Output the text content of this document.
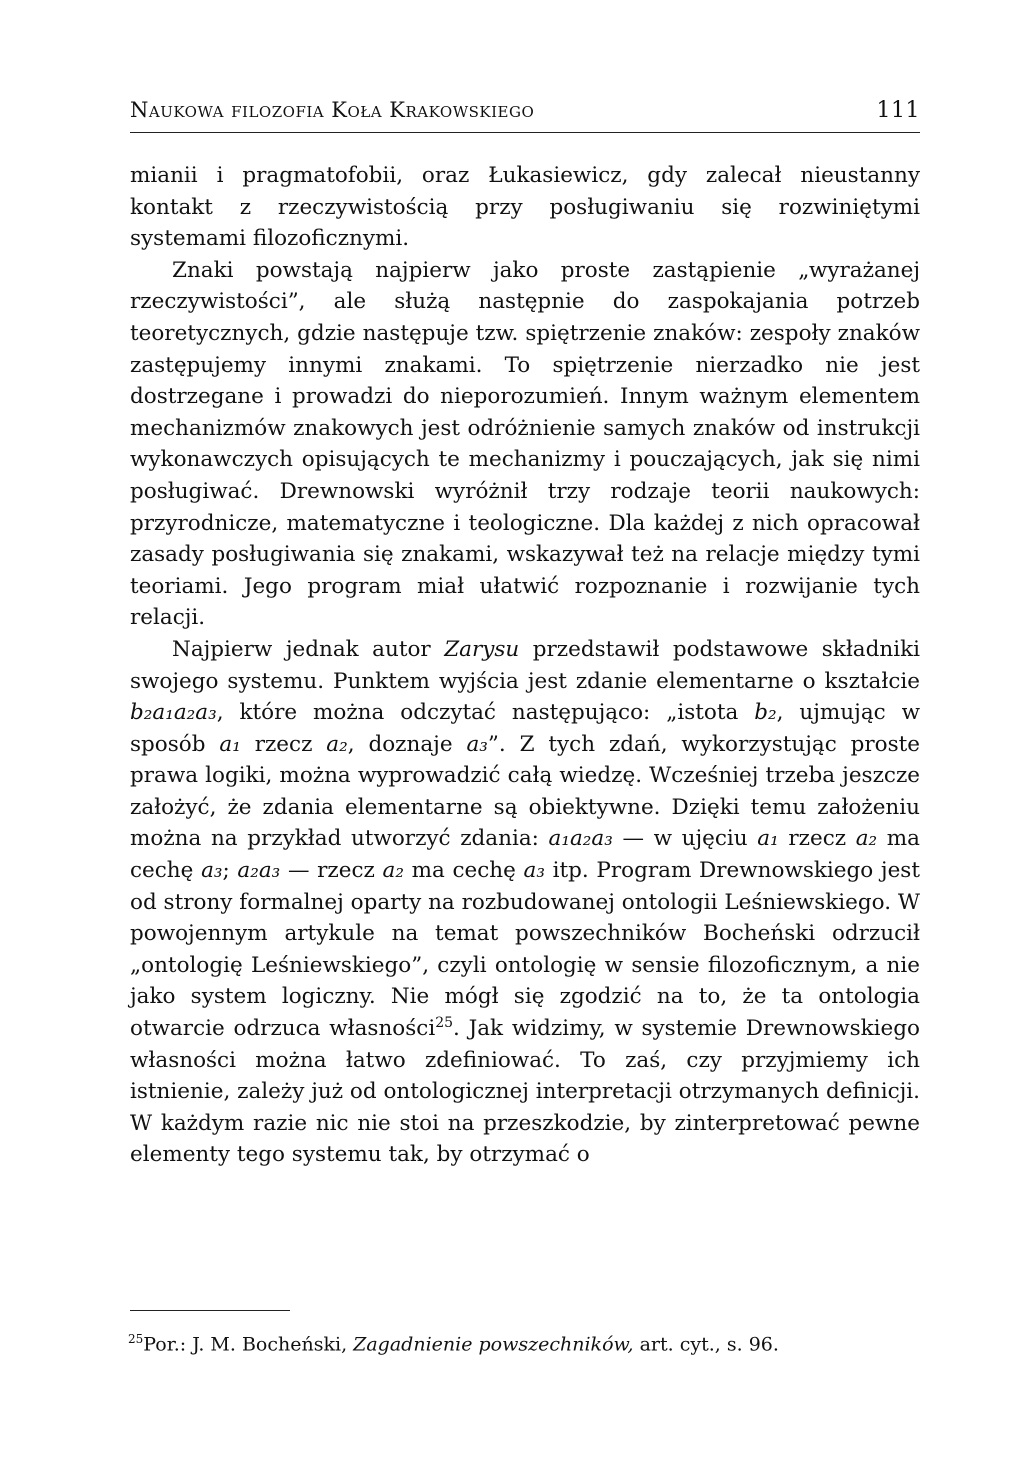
Naukowa filozofia Koła Krakowskiego	111

mianii i pragmatofobii, oraz Łukasiewicz, gdy zalecał nieustanny kontakt z rzeczywistością przy posługiwaniu się rozwiniętymi systemami filozoficznymi.

Znaki powstają najpierw jako proste zastąpienie „wyrażanej rzeczywistości”, ale służą następnie do zaspokajania potrzeb teoretycznych, gdzie następuje tzw. spiętrzenie znaków: zespoły znaków zastępujemy innymi znakami. To spiętrzenie nierzadko nie jest dostrzegane i prowadzi do nieporozumień. Innym ważnym elementem mechanizmów znakowych jest odróżnienie samych znaków od instrukcji wykonawczych opisujących te mechanizmy i pouczających, jak się nimi posługiwać. Drewnowski wyróżnił trzy rodzaje teorii naukowych: przyrodnicze, matematyczne i teologiczne. Dla każdej z nich opracował zasady posługiwania się znakami, wskazywał też na relacje między tymi teoriami. Jego program miał ułatwić rozpoznanie i rozwijanie tych relacji.

Najpierw jednak autor Zarysu przedstawił podstawowe składniki swojego systemu. Punktem wyjścia jest zdanie elementarne o kształcie b₂a₁a₂a₃, które można odczytać następująco: „istota b₂, ujmując w sposób a₁ rzecz a₂, doznaje a₃”. Z tych zdań, wykorzystując proste prawa logiki, można wyprowadzić całą wiedzę. Wcześniej trzeba jeszcze założyć, że zdania elementarne są obiektywne. Dzięki temu założeniu można na przykład utworzyć zdania: a₁a₂a₃ — w ujęciu a₁ rzecz a₂ ma cechę a₃; a₂a₃ — rzecz a₂ ma cechę a₃ itp. Program Drewnowskiego jest od strony formalnej oparty na rozbudowanej ontologii Leśniewskiego. W powojennym artykule na temat powszechników Bocheński odrzucił „ontologię Leśniewskiego”, czyli ontologię w sensie filozoficznym, a nie jako system logiczny. Nie mógł się zgodzić na to, że ta ontologia otwarcie odrzuca własności$^{25}$. Jak widzimy, w systemie Drewnowskiego własności można łatwo zdefiniować. To zaś, czy przyjmiemy ich istnienie, zależy już od ontologicznej interpretacji otrzymanych definicji. W każdym razie nic nie stoi na przeszkodzie, by zinterpretować pewne elementy tego systemu tak, by otrzymać o

$^{25}$Por.: J. M. Bocheński, Zagadnienie powszechników, art. cyt., s. 96.
